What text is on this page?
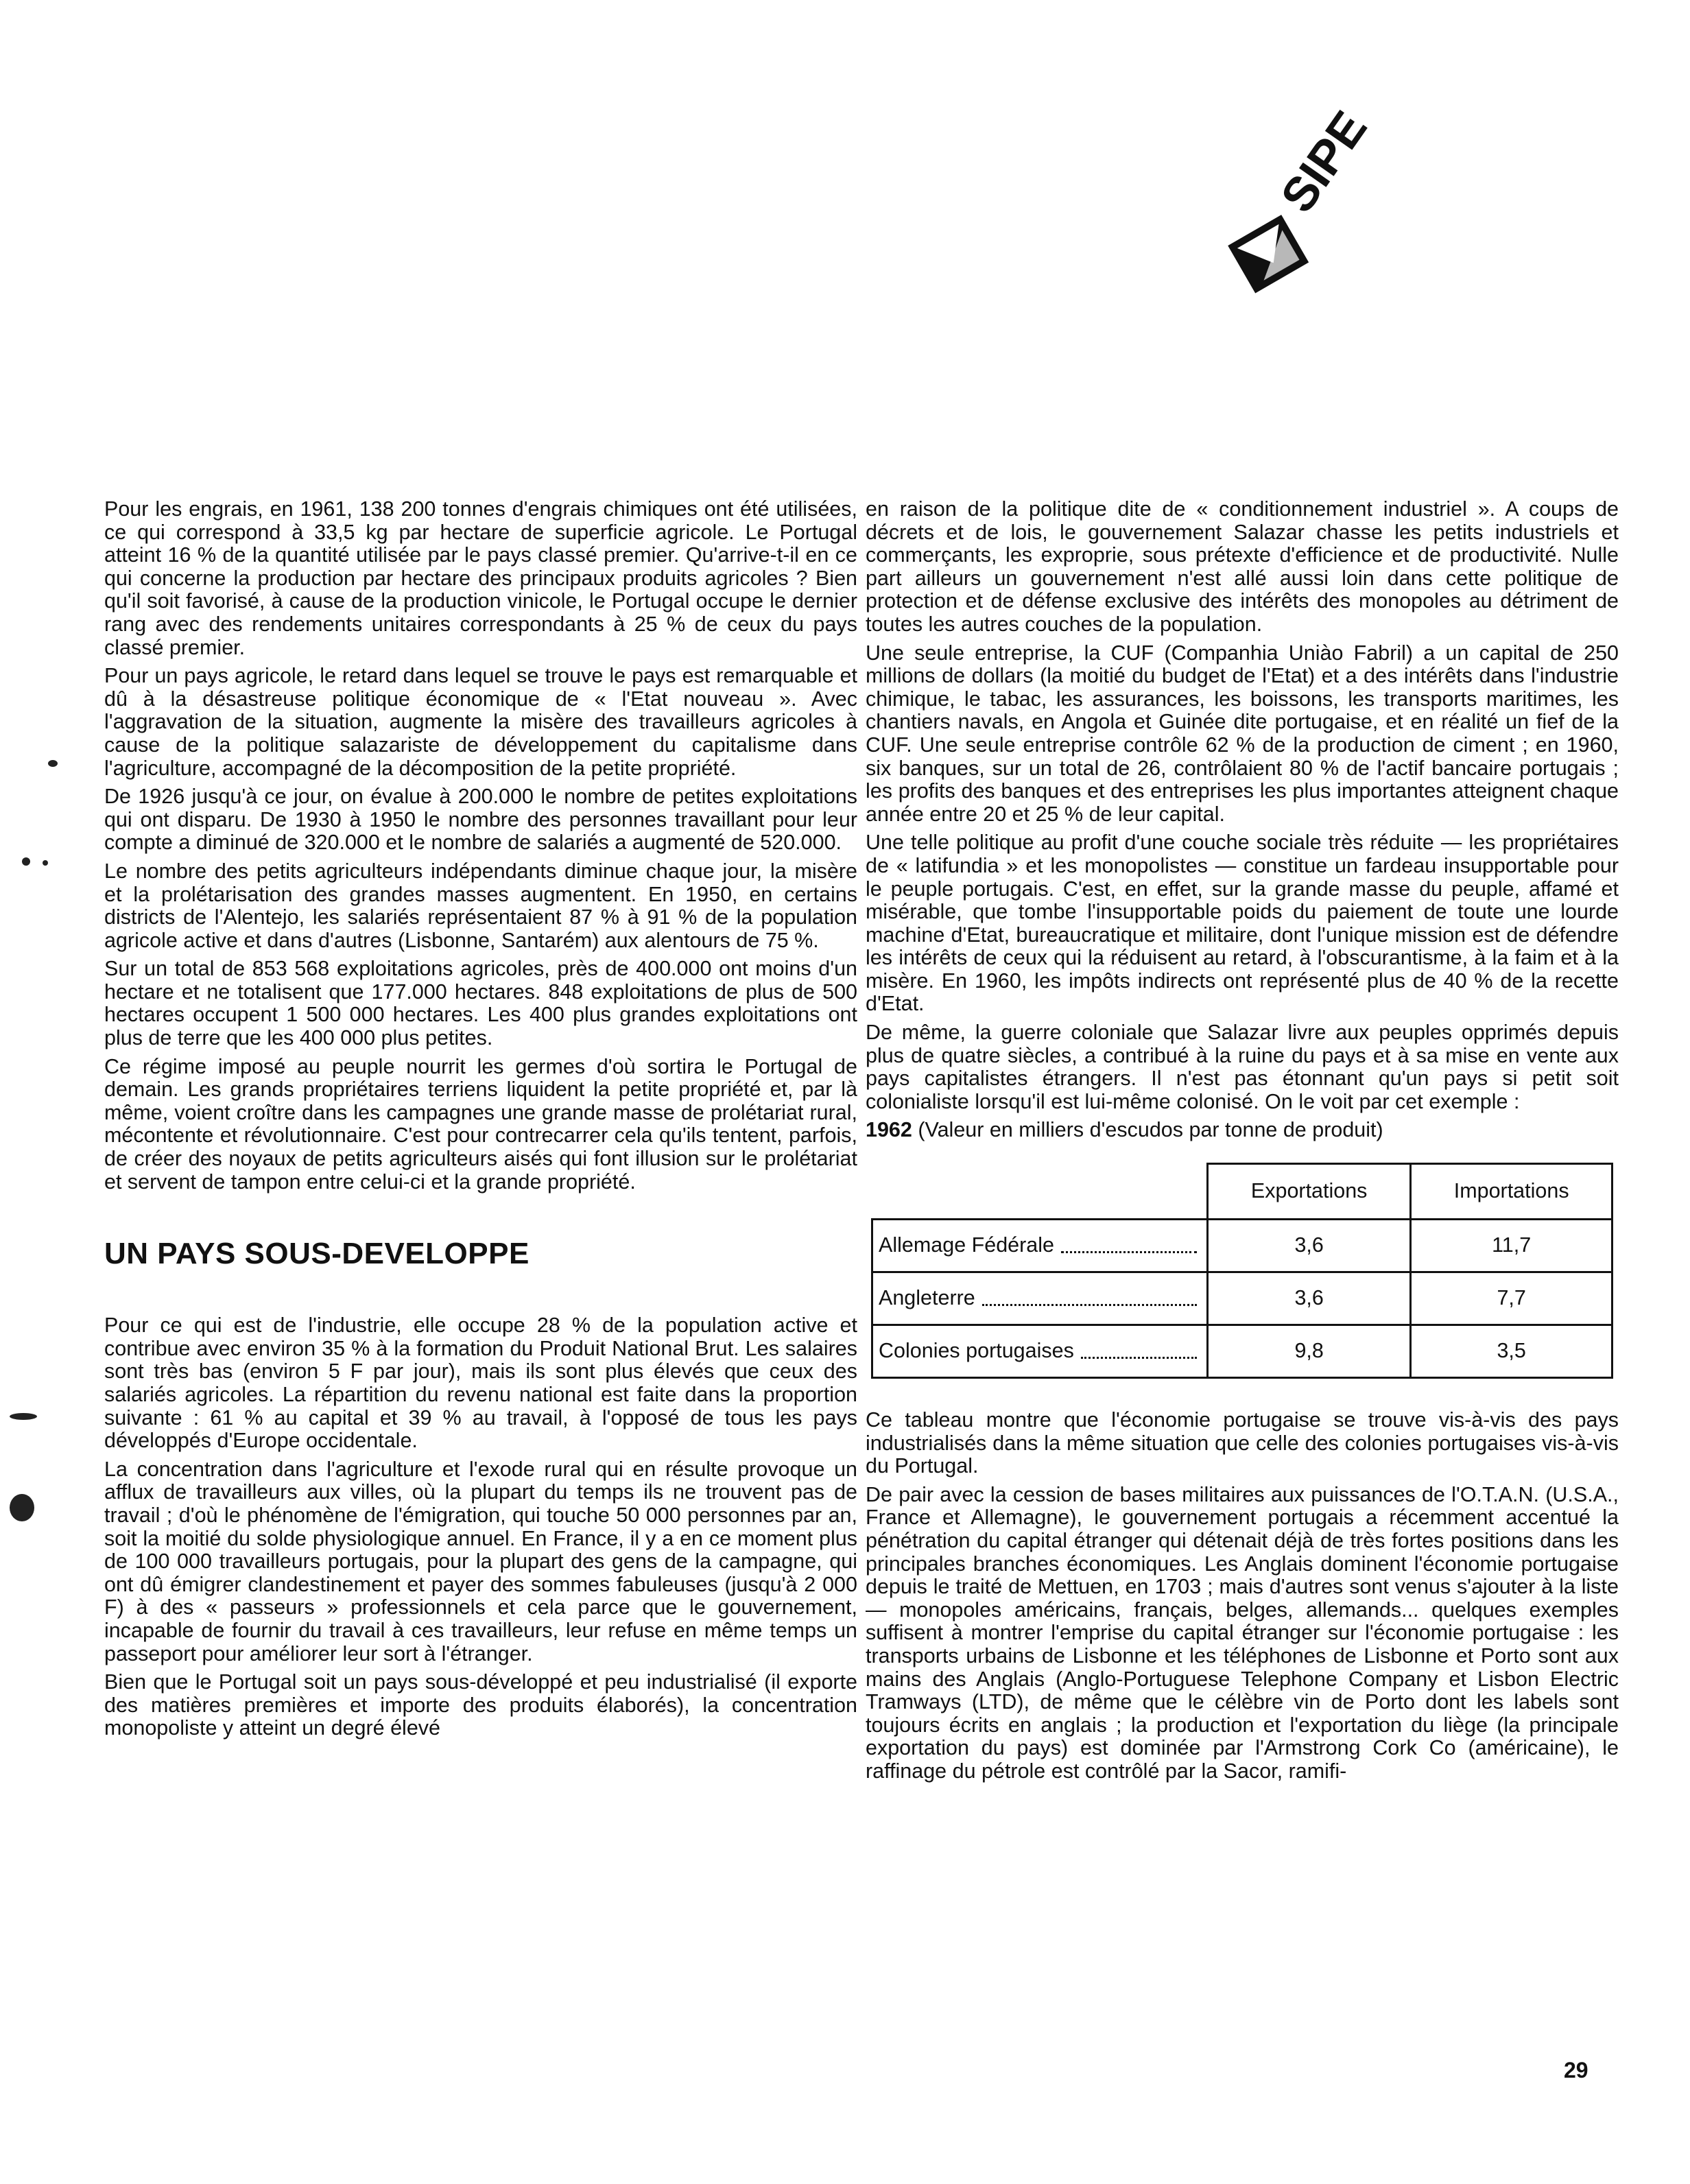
SIPE

Pour les engrais, en 1961, 138 200 tonnes d'engrais chimiques ont été utilisées, ce qui correspond à 33,5 kg par hectare de superficie agricole. Le Portugal atteint 16 % de la quantité utilisée par le pays classé premier. Qu'arrive-t-il en ce qui concerne la production par hectare des principaux produits agricoles ? Bien qu'il soit favorisé, à cause de la production vinicole, le Portugal occupe le dernier rang avec des rendements unitaires correspondants à 25 % de ceux du pays classé premier.

Pour un pays agricole, le retard dans lequel se trouve le pays est remarquable et dû à la désastreuse politique économique de « l'Etat nouveau ». Avec l'aggravation de la situation, augmente la misère des travailleurs agricoles à cause de la politique salazariste de développement du capitalisme dans l'agriculture, accompagné de la décomposition de la petite propriété.

De 1926 jusqu'à ce jour, on évalue à 200.000 le nombre de petites exploitations qui ont disparu. De 1930 à 1950 le nombre des personnes travaillant pour leur compte a diminué de 320.000 et le nombre de salariés a augmenté de 520.000.

Le nombre des petits agriculteurs indépendants diminue chaque jour, la misère et la prolétarisation des grandes masses augmentent. En 1950, en certains districts de l'Alentejo, les salariés représentaient 87 % à 91 % de la population agricole active et dans d'autres (Lisbonne, Santarém) aux alentours de 75 %.

Sur un total de 853 568 exploitations agricoles, près de 400.000 ont moins d'un hectare et ne totalisent que 177.000 hectares. 848 exploitations de plus de 500 hectares occupent 1 500 000 hectares. Les 400 plus grandes exploitations ont plus de terre que les 400 000 plus petites.

Ce régime imposé au peuple nourrit les germes d'où sortira le Portugal de demain. Les grands propriétaires terriens liquident la petite propriété et, par là même, voient croître dans les campagnes une grande masse de prolétariat rural, mécontente et révolutionnaire. C'est pour contrecarrer cela qu'ils tentent, parfois, de créer des noyaux de petits agriculteurs aisés qui font illusion sur le prolétariat et servent de tampon entre celui-ci et la grande propriété.

UN PAYS SOUS-DEVELOPPE

Pour ce qui est de l'industrie, elle occupe 28 % de la population active et contribue avec environ 35 % à la formation du Produit National Brut. Les salaires sont très bas (environ 5 F par jour), mais ils sont plus élevés que ceux des salariés agricoles. La répartition du revenu national est faite dans la proportion suivante : 61 % au capital et 39 % au travail, à l'opposé de tous les pays développés d'Europe occidentale.

La concentration dans l'agriculture et l'exode rural qui en résulte provoque un afflux de travailleurs aux villes, où la plupart du temps ils ne trouvent pas de travail ; d'où le phénomène de l'émigration, qui touche 50 000 personnes par an, soit la moitié du solde physiologique annuel. En France, il y a en ce moment plus de 100 000 travailleurs portugais, pour la plupart des gens de la campagne, qui ont dû émigrer clandestinement et payer des sommes fabuleuses (jusqu'à 2 000 F) à des « passeurs » professionnels et cela parce que le gouvernement, incapable de fournir du travail à ces travailleurs, leur refuse en même temps un passeport pour améliorer leur sort à l'étranger.

Bien que le Portugal soit un pays sous-développé et peu industrialisé (il exporte des matières premières et importe des produits élaborés), la concentration monopoliste y atteint un degré élevé

en raison de la politique dite de « conditionnement industriel ». A coups de décrets et de lois, le gouvernement Salazar chasse les petits industriels et commerçants, les exproprie, sous prétexte d'efficience et de productivité. Nulle part ailleurs un gouvernement n'est allé aussi loin dans cette politique de protection et de défense exclusive des intérêts des monopoles au détriment de toutes les autres couches de la population.

Une seule entreprise, la CUF (Companhia Uniào Fabril) a un capital de 250 millions de dollars (la moitié du budget de l'Etat) et a des intérêts dans l'industrie chimique, le tabac, les assurances, les boissons, les transports maritimes, les chantiers navals, en Angola et Guinée dite portugaise, et en réalité un fief de la CUF. Une seule entreprise contrôle 62 % de la production de ciment ; en 1960, six banques, sur un total de 26, contrôlaient 80 % de l'actif bancaire portugais ; les profits des banques et des entreprises les plus importantes atteignent chaque année entre 20 et 25 % de leur capital.

Une telle politique au profit d'une couche sociale très réduite — les propriétaires de « latifundia » et les monopolistes — constitue un fardeau insupportable pour le peuple portugais. C'est, en effet, sur la grande masse du peuple, affamé et misérable, que tombe l'insupportable poids du paiement de toute une lourde machine d'Etat, bureaucratique et militaire, dont l'unique mission est de défendre les intérêts de ceux qui la réduisent au retard, à l'obscurantisme, à la faim et à la misère. En 1960, les impôts indirects ont représenté plus de 40 % de la recette d'Etat.

De même, la guerre coloniale que Salazar livre aux peuples opprimés depuis plus de quatre siècles, a contribué à la ruine du pays et à sa mise en vente aux pays capitalistes étrangers. Il n'est pas étonnant qu'un pays si petit soit colonialiste lorsqu'il est lui-même colonisé. On le voit par cet exemple :

1962 (Valeur en milliers d'escudos par tonne de produit)
	Exportations	Importations

Allemage Fédérale	3,6	11,7

Angleterre	3,6	7,7

Colonies portugaises	9,8	3,5

Ce tableau montre que l'économie portugaise se trouve vis-à-vis des pays industrialisés dans la même situation que celle des colonies portugaises vis-à-vis du Portugal.

De pair avec la cession de bases militaires aux puissances de l'O.T.A.N. (U.S.A., France et Allemagne), le gouvernement portugais a récemment accentué la pénétration du capital étranger qui détenait déjà de très fortes positions dans les principales branches économiques. Les Anglais dominent l'économie portugaise depuis le traité de Mettuen, en 1703 ; mais d'autres sont venus s'ajouter à la liste — monopoles américains, français, belges, allemands... quelques exemples suffisent à montrer l'emprise du capital étranger sur l'économie portugaise : les transports urbains de Lisbonne et les téléphones de Lisbonne et Porto sont aux mains des Anglais (Anglo-Portuguese Telephone Company et Lisbon Electric Tramways (LTD), de même que le célèbre vin de Porto dont les labels sont toujours écrits en anglais ; la production et l'exportation du liège (la principale exportation du pays) est dominée par l'Armstrong Cork Co (américaine), le raffinage du pétrole est contrôlé par la Sacor, ramifi-

29
